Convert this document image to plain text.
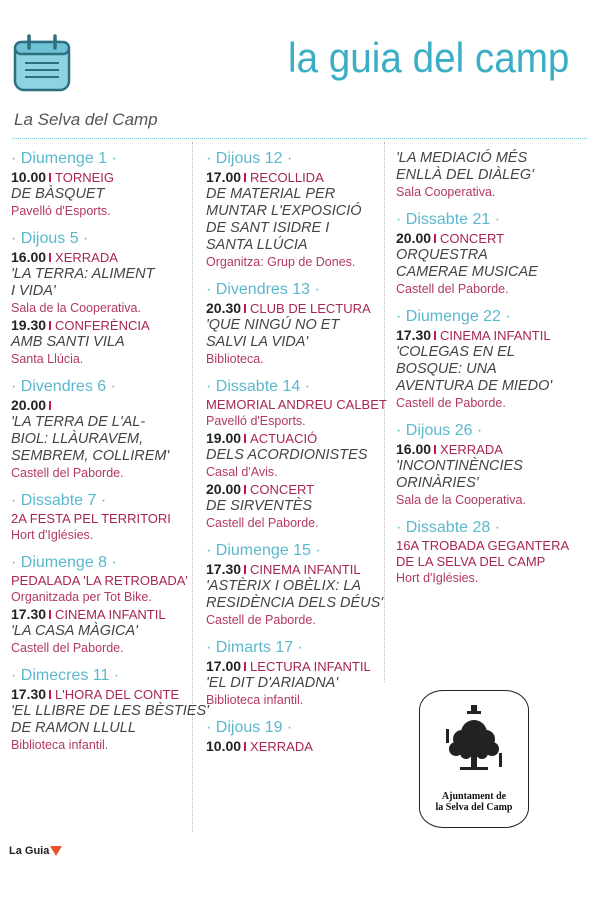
la guia del camp
La Selva del Camp
· Diumenge 1 ·
10.00 TORNEIG
DE BÀSQUET
Pavelló d'Esports.
· Dijous 5 ·
16.00 XERRADA
'LA TERRA: ALIMENT
I VIDA'
Sala de la Cooperativa.
19.30 CONFERÈNCIA
AMB SANTI VILA
Santa Llúcia.
· Divendres 6 ·
20.00
'LA TERRA DE L'AL-
BIOL: LLÀURAVEM,
SEMBREM, COLLIREM'
Castell del Paborde.
· Dissabte 7 ·
2A FESTA PEL TERRITORI
Hort d'Iglésies.
· Diumenge 8 ·
PEDALADA 'LA RETROBADA'
Organitzada per Tot Bike.
17.30 CINEMA INFANTIL
'LA CASA MÀGICA'
Castell del Paborde.
· Dimecres 11 ·
17.30 L'HORA DEL CONTE
'EL LLIBRE DE LES BÈSTIES'
DE RAMON LLULL
Biblioteca infantil.
· Dijous 12 ·
17.00 RECOLLIDA
DE MATERIAL PER
MUNTAR L'EXPOSICIÓ
DE SANT ISIDRE I
SANTA LLÚCIA
Organitza: Grup de Dones.
· Divendres 13 ·
20.30 CLUB DE LECTURA
'QUE NINGÚ NO ET
SALVI LA VIDA'
Biblioteca.
· Dissabte 14 ·
MEMORIAL ANDREU CALBET
Pavelló d'Esports.
19.00 ACTUACIÓ
DELS ACORDIONISTES
Casal d'Avis.
20.00 CONCERT
DE SIRVENTÈS
Castell del Paborde.
· Diumenge 15 ·
17.30 CINEMA INFANTIL
'ASTÈRIX I OBÈLIX: LA
RESIDÈNCIA DELS DÉUS'
Castell de Paborde.
· Dimarts 17 ·
17.00 LECTURA INFANTIL
'EL DIT D'ARIADNA'
Biblioteca infantil.
· Dijous 19 ·
10.00 XERRADA
'LA MEDIACIÓ MÉS
ENLLÀ DEL DIÀLEG'
Sala Cooperativa.
· Dissabte 21 ·
20.00 CONCERT
ORQUESTRA
CAMERAE MUSICAE
Castell del Paborde.
· Diumenge 22 ·
17.30 CINEMA INFANTIL
'COLEGAS EN EL
BOSQUE: UNA
AVENTURA DE MIEDO'
Castell de Paborde.
· Dijous 26 ·
16.00 XERRADA
'INCONTINÈNCIES
ORINÀRIES'
Sala de la Cooperativa.
· Dissabte 28 ·
16A TROBADA GEGANTERA
DE LA SELVA DEL CAMP
Hort d'Iglésies.
Ajuntament de
la Selva del Camp
La Guia
